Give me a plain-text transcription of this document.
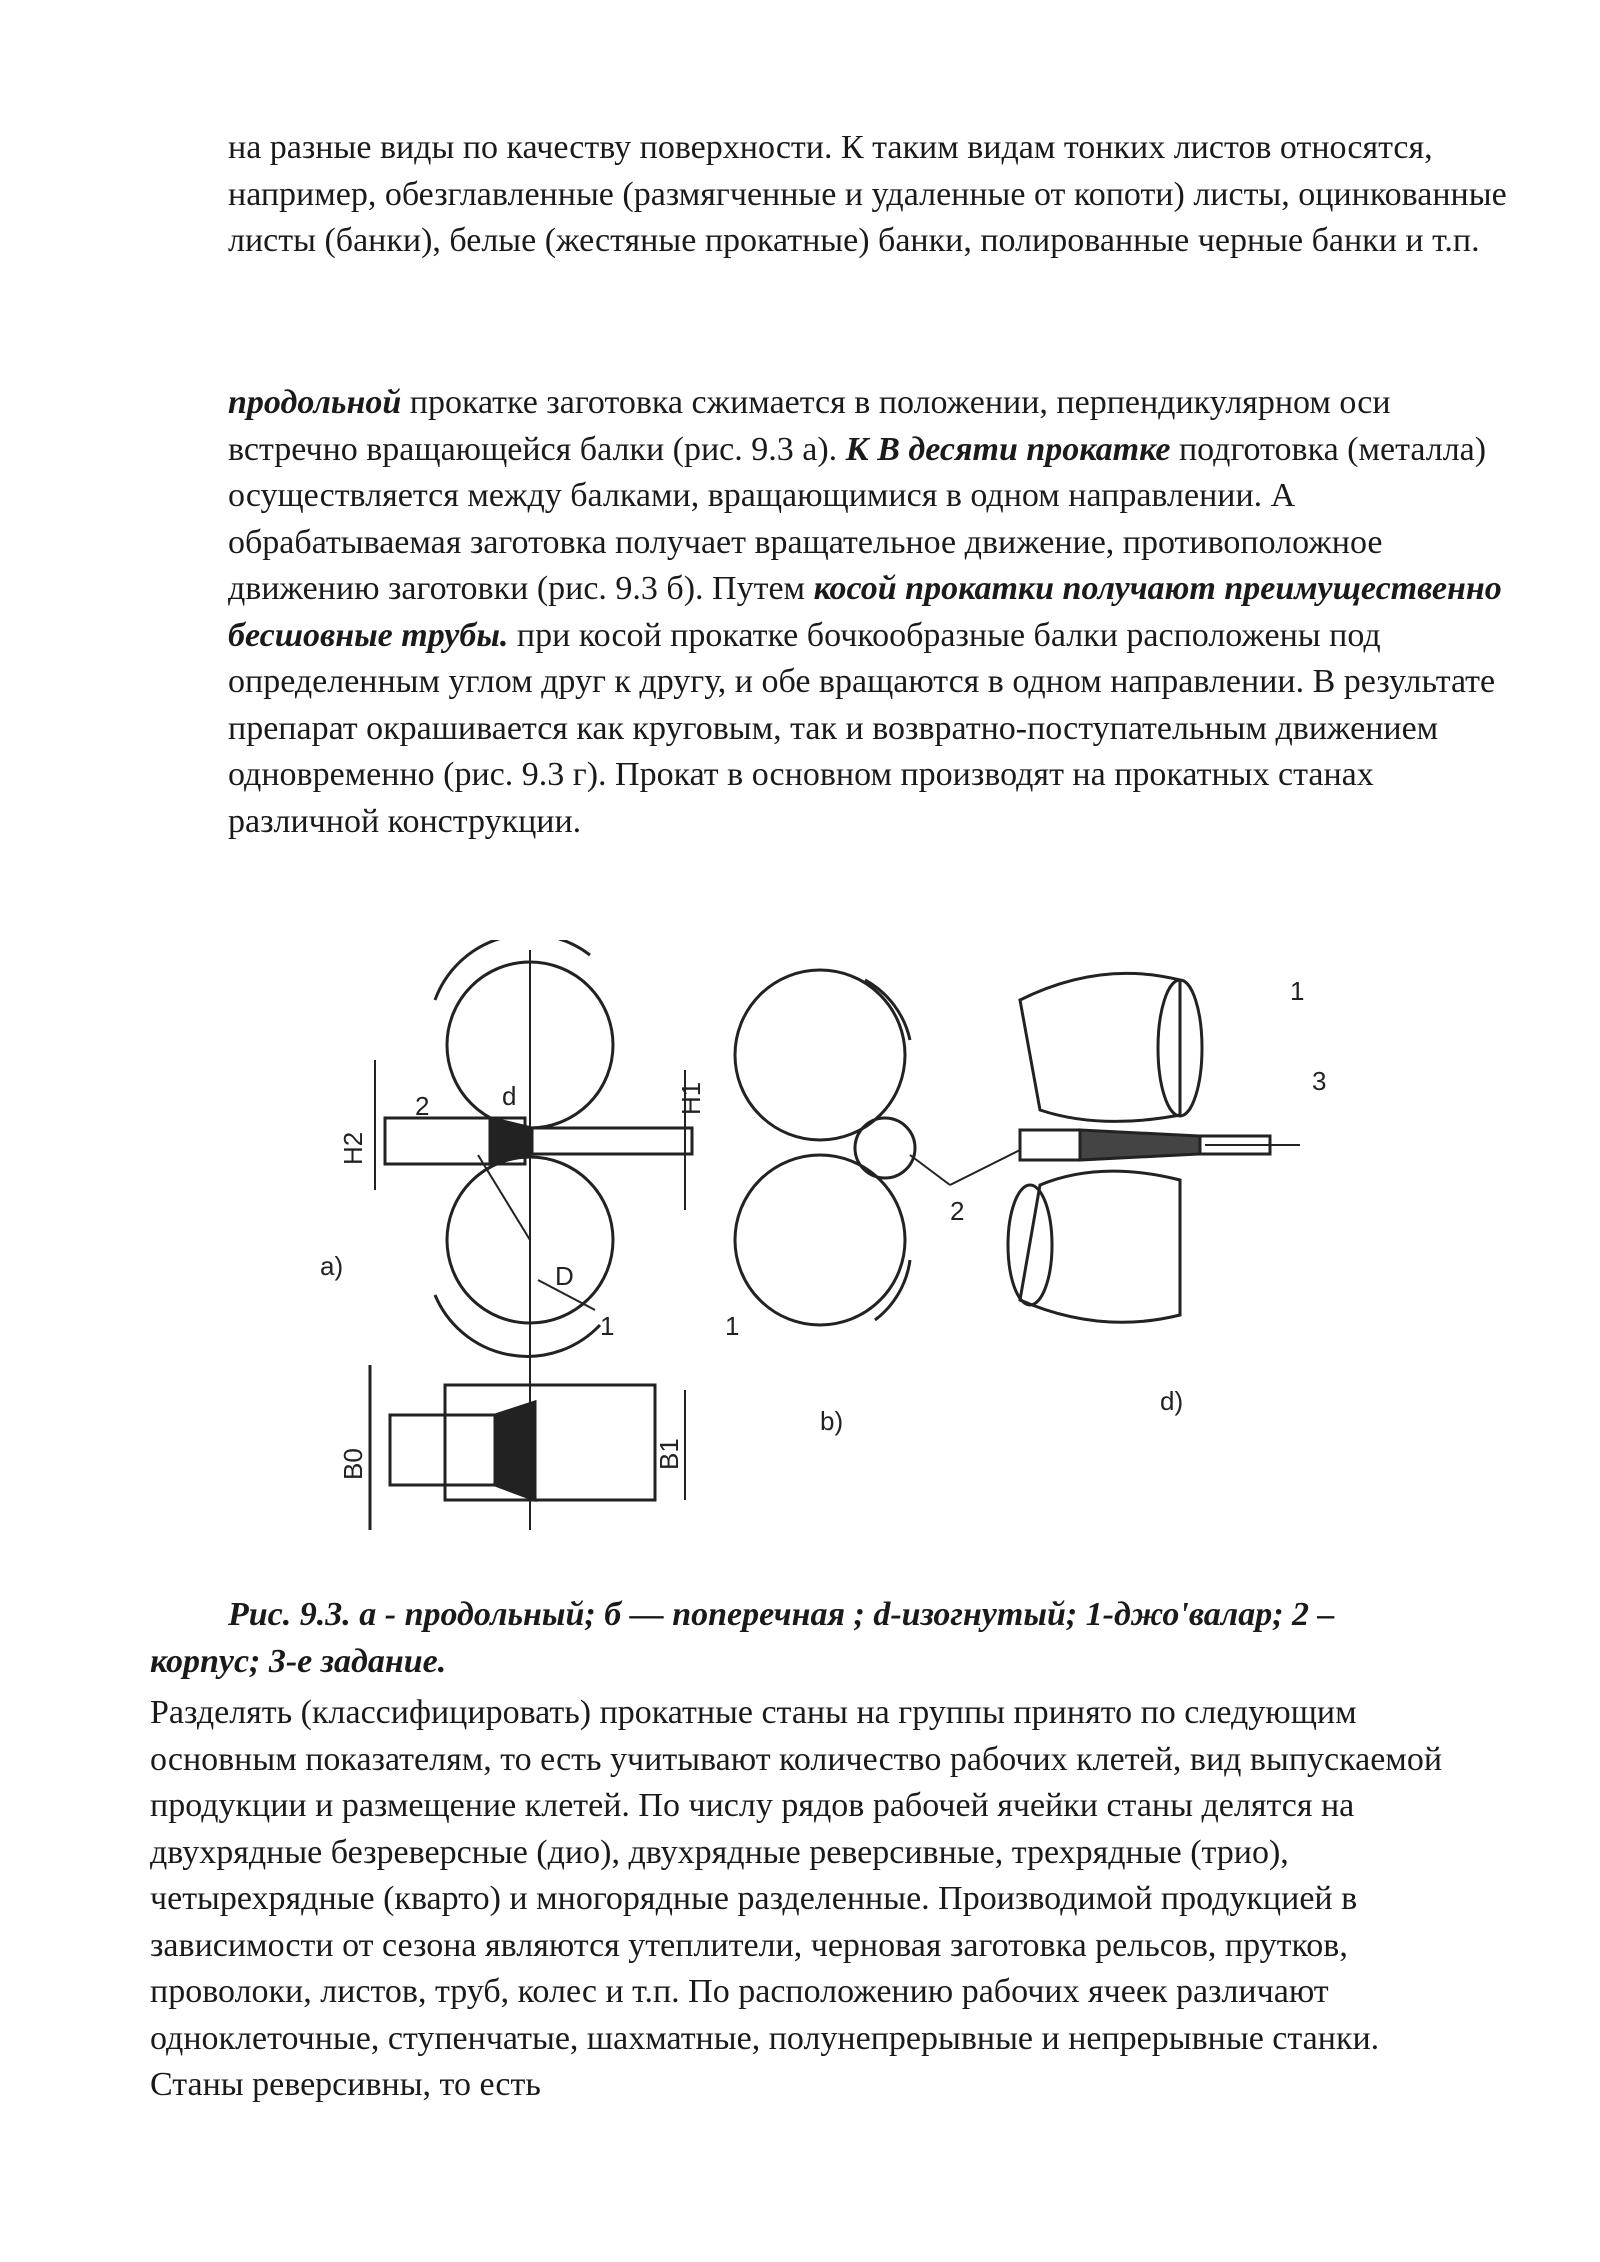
на разные виды по качеству поверхности. К таким видам тонких листов относятся, например, обезглавленные (размягченные и удаленные от копоти) листы, оцинкованные листы (банки), белые (жестяные прокатные) банки, полированные черные банки и т.п.

продольной прокатке заготовка сжимается в положении, перпендикулярном оси встречно вращающейся балки (рис. 9.3 а). К В десяти прокатке подготовка (металла) осуществляется между балками, вращающимися в одном направлении. А обрабатываемая заготовка получает вращательное движение, противоположное движению заготовки (рис. 9.3 б). Путем косой прокатки получают преимущественно бесшовные трубы. при косой прокатке бочкообразные балки расположены под определенным углом друг к другу, и обе вращаются в одном направлении. В результате препарат окрашивается как круговым, так и возвратно-поступательным движением одновременно (рис. 9.3 г). Прокат в основном производят на прокатных станах различной конструкции.

a)
b)
d)
H1
H2
B0	B1
D
d
2
1	1
2
1
3

Рис. 9.3. а - продольный; б — поперечная ; d-изогнутый; 1-джо'валар; 2 – корпус; 3-е задание.

Разделять (классифицировать) прокатные станы на группы принято по следующим основным показателям, то есть учитывают количество рабочих клетей, вид выпускаемой продукции и размещение клетей. По числу рядов рабочей ячейки станы делятся на двухрядные безреверсные (дио), двухрядные реверсивные, трехрядные (трио), четырехрядные (кварто) и многорядные разделенные. Производимой продукцией в зависимости от сезона являются утеплители, черновая заготовка рельсов, прутков, проволоки, листов, труб, колес и т.п. По расположению рабочих ячеек различают одноклеточные, ступенчатые, шахматные, полунепрерывные и непрерывные станки. Станы реверсивны, то есть
